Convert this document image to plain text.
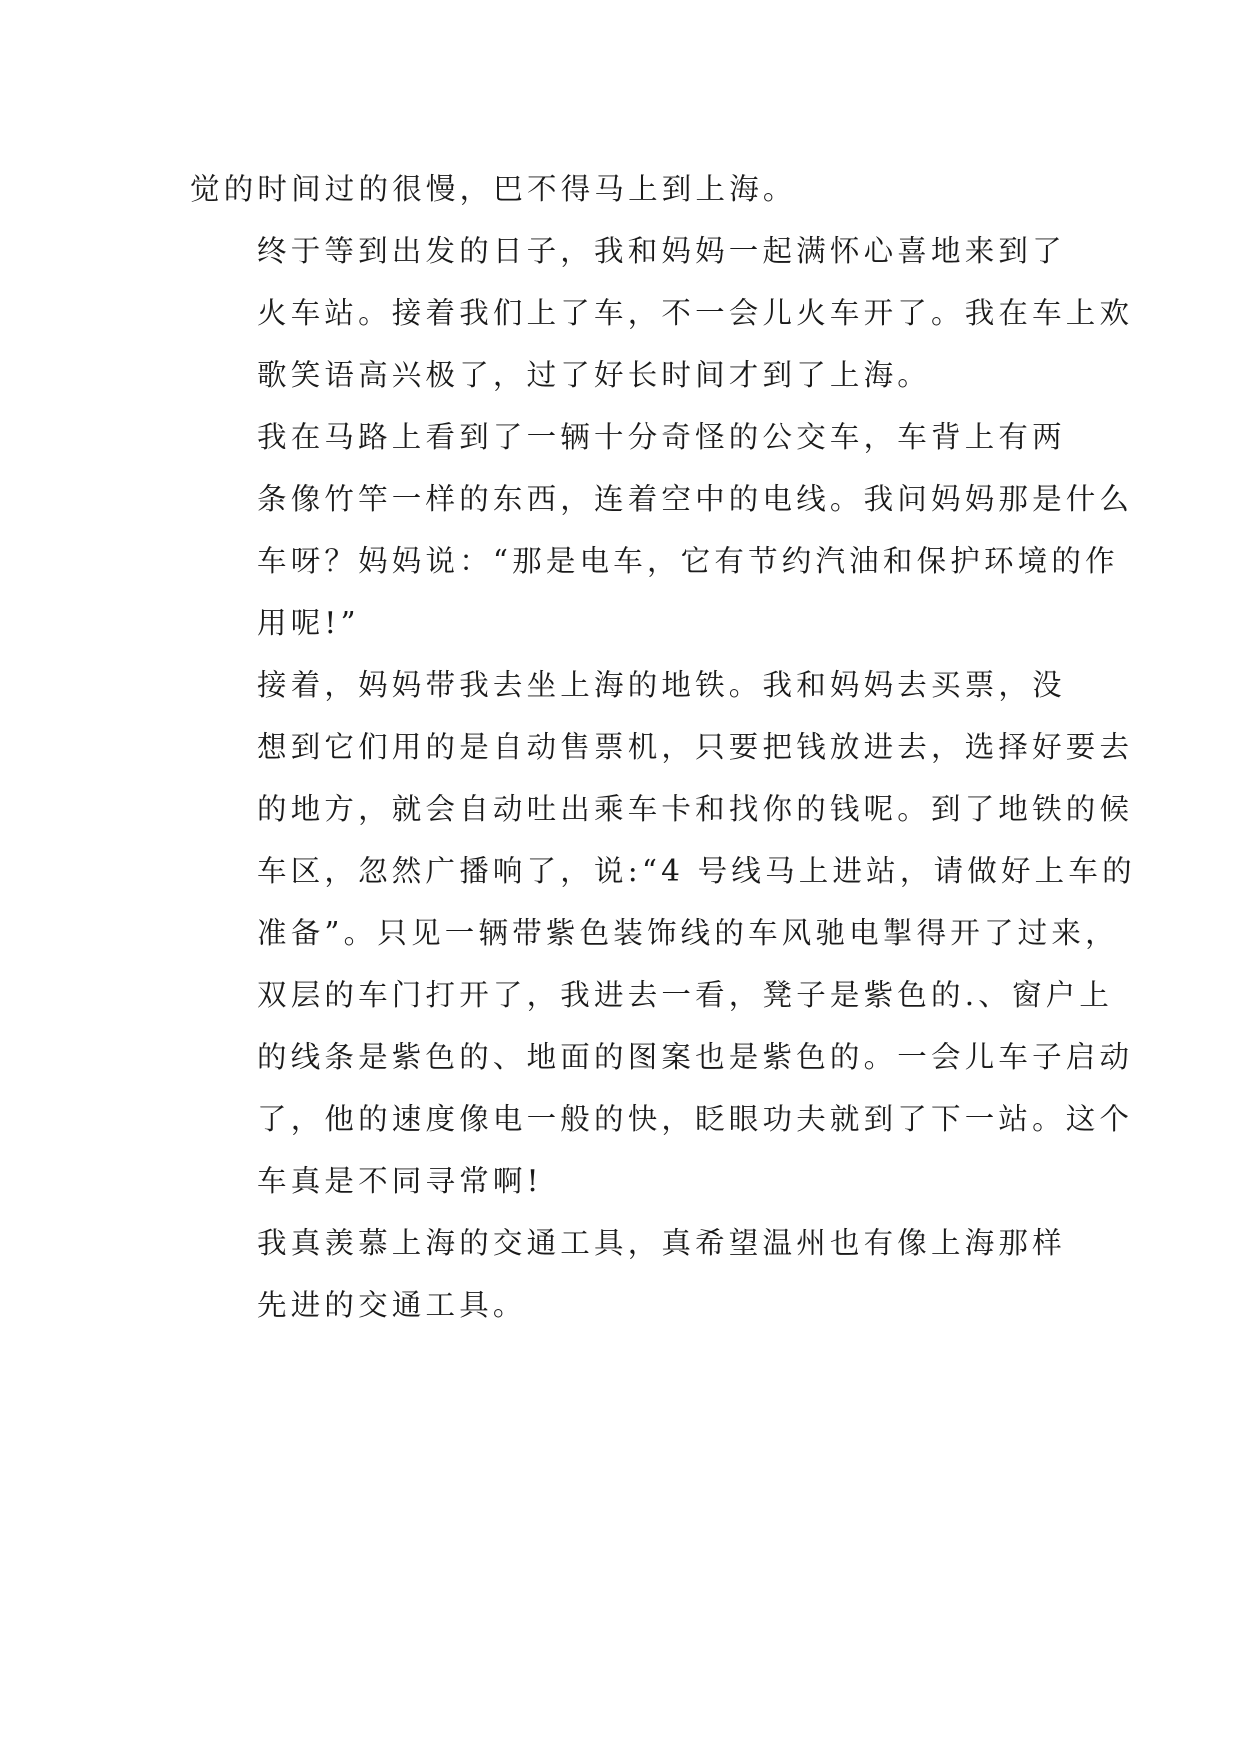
觉的时间过的很慢，巴不得马上到上海。

终于等到出发的日子，我和妈妈一起满怀心喜地来到了
火车站。接着我们上了车，不一会儿火车开了。我在车上欢
歌笑语高兴极了，过了好长时间才到了上海。

我在马路上看到了一辆十分奇怪的公交车，车背上有两
条像竹竿一样的东西，连着空中的电线。我问妈妈那是什么
车呀？妈妈说：“那是电车，它有节约汽油和保护环境的作
用呢!”

接着，妈妈带我去坐上海的地铁。我和妈妈去买票，没
想到它们用的是自动售票机，只要把钱放进去，选择好要去
的地方，就会自动吐出乘车卡和找你的钱呢。到了地铁的候
车区，忽然广播响了，说:“4 号线马上进站，请做好上车的
准备”。只见一辆带紫色装饰线的车风驰电掣得开了过来，
双层的车门打开了，我进去一看，凳子是紫色的.、窗户上
的线条是紫色的、地面的图案也是紫色的。一会儿车子启动
了，他的速度像电一般的快，眨眼功夫就到了下一站。这个
车真是不同寻常啊!

我真羡慕上海的交通工具，真希望温州也有像上海那样
先进的交通工具。
